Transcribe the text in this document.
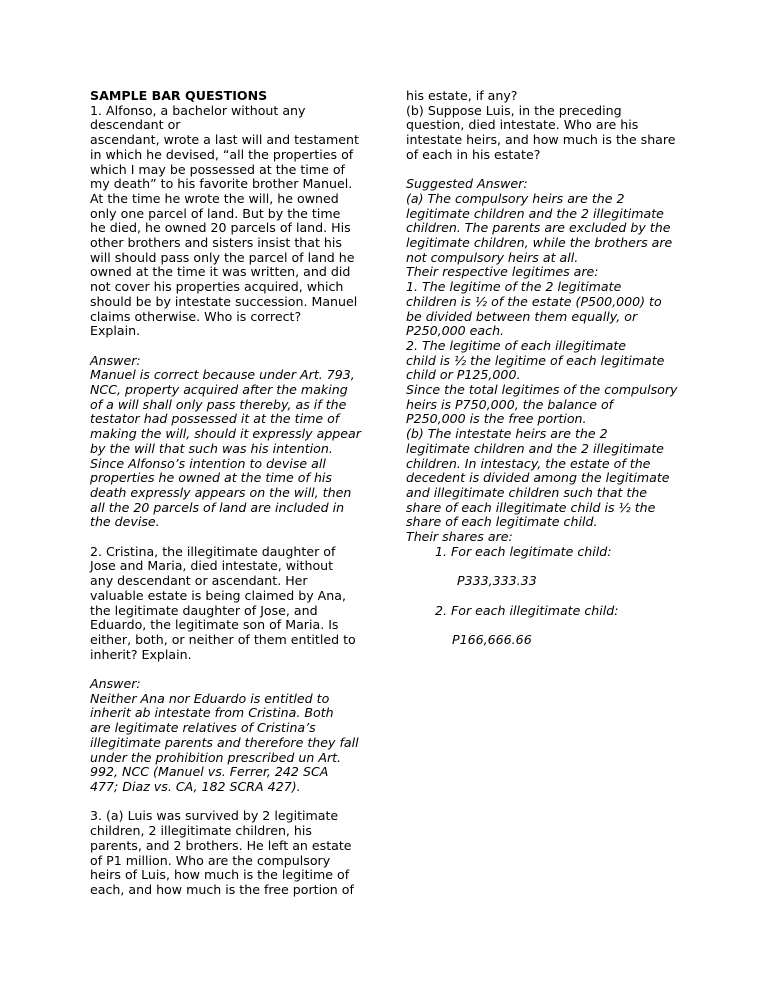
SAMPLE BAR QUESTIONS
1. Alfonso, a bachelor without any
descendant or
ascendant, wrote a last will and testament
in which he devised, “all the properties of
which I may be possessed at the time of
my death” to his favorite brother Manuel.
At the time he wrote the will, he owned
only one parcel of land. But by the time
he died, he owned 20 parcels of land. His
other brothers and sisters insist that his
will should pass only the parcel of land he
owned at the time it was written, and did
not cover his properties acquired, which
should be by intestate succession. Manuel
claims otherwise. Who is correct?
Explain.
Answer:
Manuel is correct because under Art. 793,
NCC, property acquired after the making
of a will shall only pass thereby, as if the
testator had possessed it at the time of
making the will, should it expressly appear
by the will that such was his intention.
Since Alfonso’s intention to devise all
properties he owned at the time of his
death expressly appears on the will, then
all the 20 parcels of land are included in
the devise.
2. Cristina, the illegitimate daughter of
Jose and Maria, died intestate, without
any descendant or ascendant. Her
valuable estate is being claimed by Ana,
the legitimate daughter of Jose, and
Eduardo, the legitimate son of Maria. Is
either, both, or neither of them entitled to
inherit? Explain.
Answer:
Neither Ana nor Eduardo is entitled to
inherit ab intestate from Cristina. Both
are legitimate relatives of Cristina’s
illegitimate parents and therefore they fall
under the prohibition prescribed un Art.
992, NCC (Manuel vs. Ferrer, 242 SCA
477; Diaz vs. CA, 182 SCRA 427).
3. (a) Luis was survived by 2 legitimate
children, 2 illegitimate children, his
parents, and 2 brothers. He left an estate
of P1 million. Who are the compulsory
heirs of Luis, how much is the legitime of
each, and how much is the free portion of
his estate, if any?
(b) Suppose Luis, in the preceding
question, died intestate. Who are his
intestate heirs, and how much is the share
of each in his estate?
Suggested Answer:
(a) The compulsory heirs are the 2
legitimate children and the 2 illegitimate
children. The parents are excluded by the
legitimate children, while the brothers are
not compulsory heirs at all.
Their respective legitimes are:
1. The legitime of the 2 legitimate
children is ½ of the estate (P500,000) to
be divided between them equally, or
P250,000 each.
2. The legitime of each illegitimate
child is ½ the legitime of each legitimate
child or P125,000.
Since the total legitimes of the compulsory
heirs is P750,000, the balance of
P250,000 is the free portion.
(b) The intestate heirs are the 2
legitimate children and the 2 illegitimate
children. In intestacy, the estate of the
decedent is divided among the legitimate
and illegitimate children such that the
share of each illegitimate child is ½ the
share of each legitimate child.
Their shares are:
1. For each legitimate child:
P333,333.33
2. For each illegitimate child:
P166,666.66
